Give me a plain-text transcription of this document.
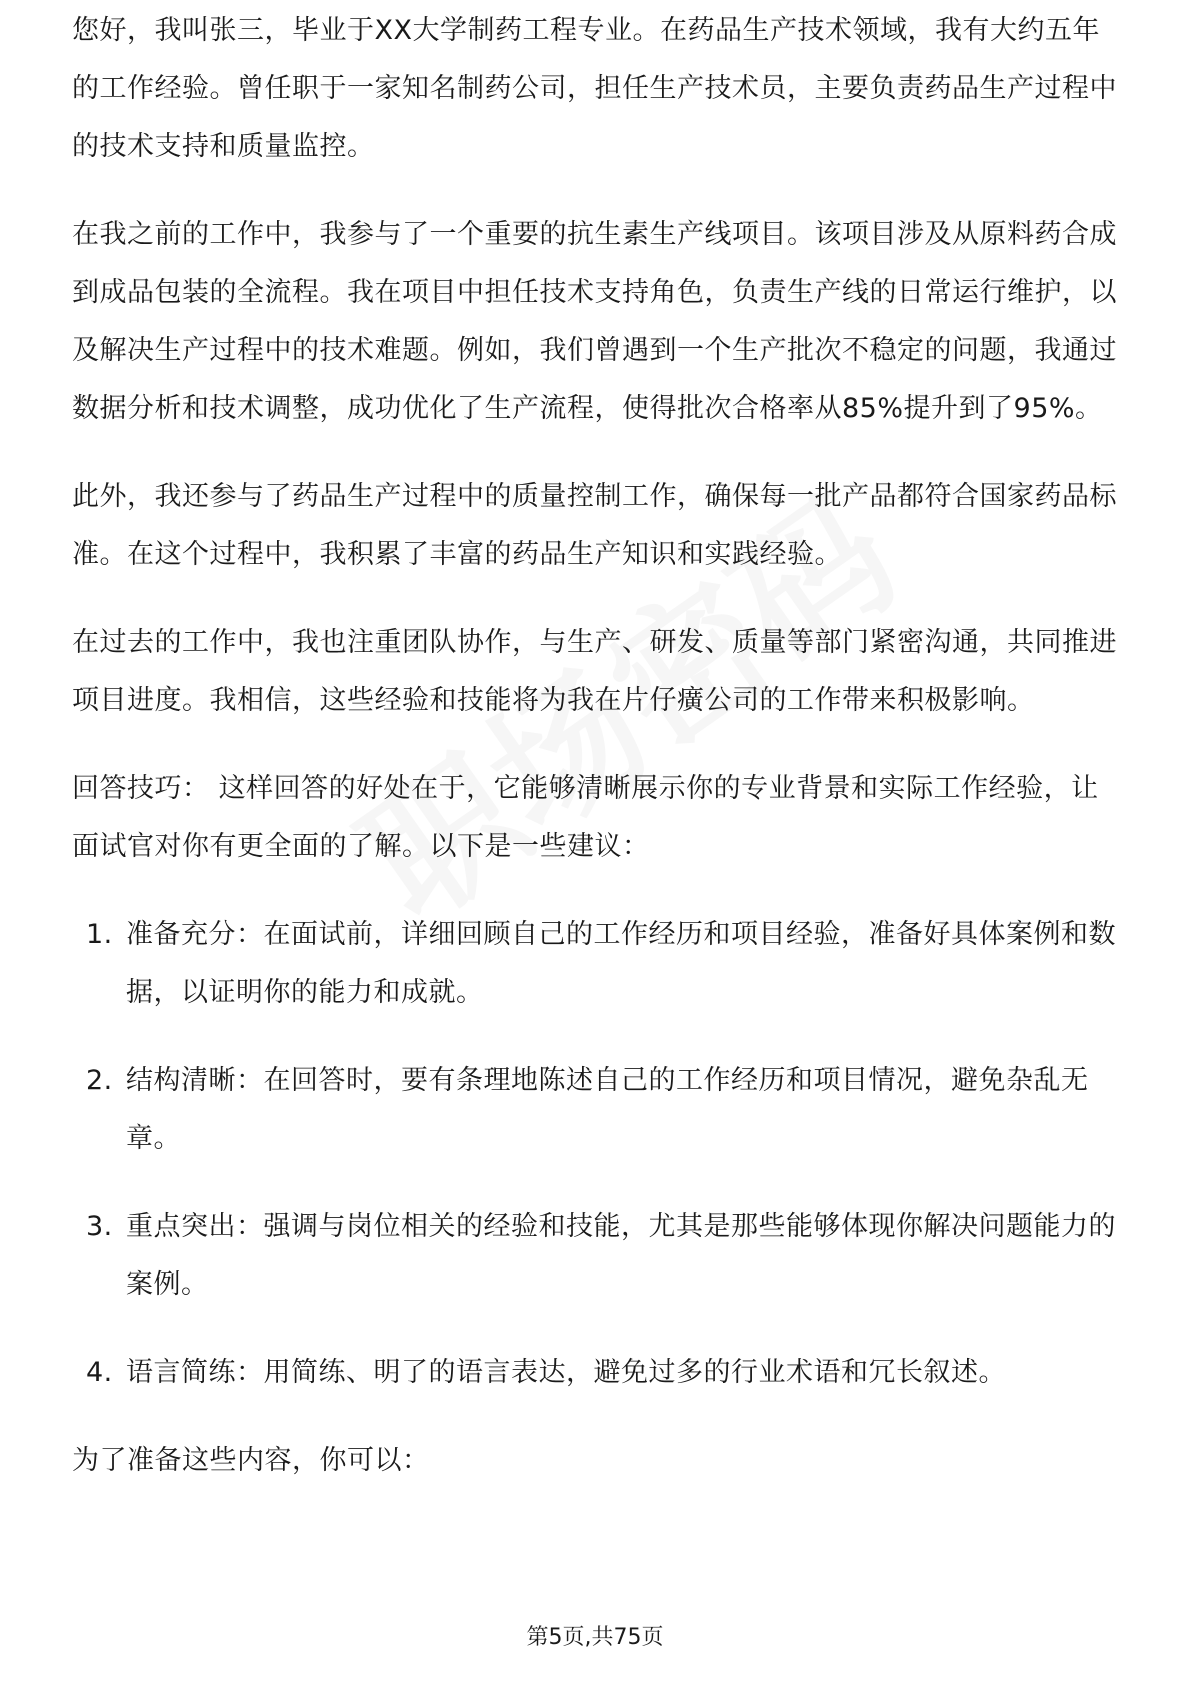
您好，我叫张三，毕业于XX大学制药工程专业。在药品生产技术领域，我有大约五年的工作经验。曾任职于一家知名制药公司，担任生产技术员，主要负责药品生产过程中的技术支持和质量监控。

在我之前的工作中，我参与了一个重要的抗生素生产线项目。该项目涉及从原料药合成到成品包装的全流程。我在项目中担任技术支持角色，负责生产线的日常运行维护，以及解决生产过程中的技术难题。例如，我们曾遇到一个生产批次不稳定的问题，我通过数据分析和技术调整，成功优化了生产流程，使得批次合格率从85%提升到了95%。

此外，我还参与了药品生产过程中的质量控制工作，确保每一批产品都符合国家药品标准。在这个过程中，我积累了丰富的药品生产知识和实践经验。

在过去的工作中，我也注重团队协作，与生产、研发、质量等部门紧密沟通，共同推进项目进度。我相信，这些经验和技能将为我在片仔癀公司的工作带来积极影响。

回答技巧： 这样回答的好处在于，它能够清晰展示你的专业背景和实际工作经验，让面试官对你有更全面的了解。以下是一些建议：

1. 准备充分：在面试前，详细回顾自己的工作经历和项目经验，准备好具体案例和数据，以证明你的能力和成就。
2. 结构清晰：在回答时，要有条理地陈述自己的工作经历和项目情况，避免杂乱无章。
3. 重点突出：强调与岗位相关的经验和技能，尤其是那些能够体现你解决问题能力的案例。
4. 语言简练：用简练、明了的语言表达，避免过多的行业术语和冗长叙述。

为了准备这些内容，你可以：

第5页,共75页
